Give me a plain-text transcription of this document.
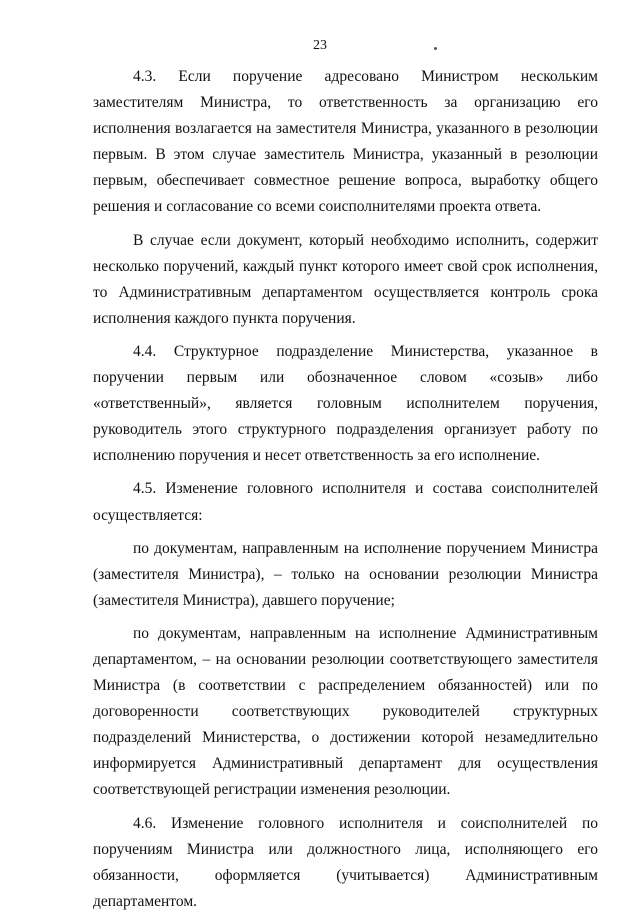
23

4.3. Если поручение адресовано Министром нескольким заместителям Министра, то ответственность за организацию его исполнения возлагается на заместителя Министра, указанного в резолюции первым. В этом случае заместитель Министра, указанный в резолюции первым, обеспечивает совместное решение вопроса, выработку общего решения и согласование со всеми соисполнителями проекта ответа.

В случае если документ, который необходимо исполнить, содержит несколько поручений, каждый пункт которого имеет свой срок исполнения, то Административным департаментом осуществляется контроль срока исполнения каждого пункта поручения.

4.4. Структурное подразделение Министерства, указанное в поручении первым или обозначенное словом «созыв» либо «ответственный», является головным исполнителем поручения, руководитель этого структурного подразделения организует работу по исполнению поручения и несет ответственность за его исполнение.

4.5. Изменение головного исполнителя и состава соисполнителей осуществляется:

по документам, направленным на исполнение поручением Министра (заместителя Министра), – только на основании резолюции Министра (заместителя Министра), давшего поручение;

по документам, направленным на исполнение Административным департаментом, – на основании резолюции соответствующего заместителя Министра (в соответствии с распределением обязанностей) или по договоренности соответствующих руководителей структурных подразделений Министерства, о достижении которой незамедлительно информируется Административный департамент для осуществления соответствующей регистрации изменения резолюции.

4.6. Изменение головного исполнителя и соисполнителей по поручениям Министра или должностного лица, исполняющего его обязанности, оформляется (учитывается) Административным департаментом.
